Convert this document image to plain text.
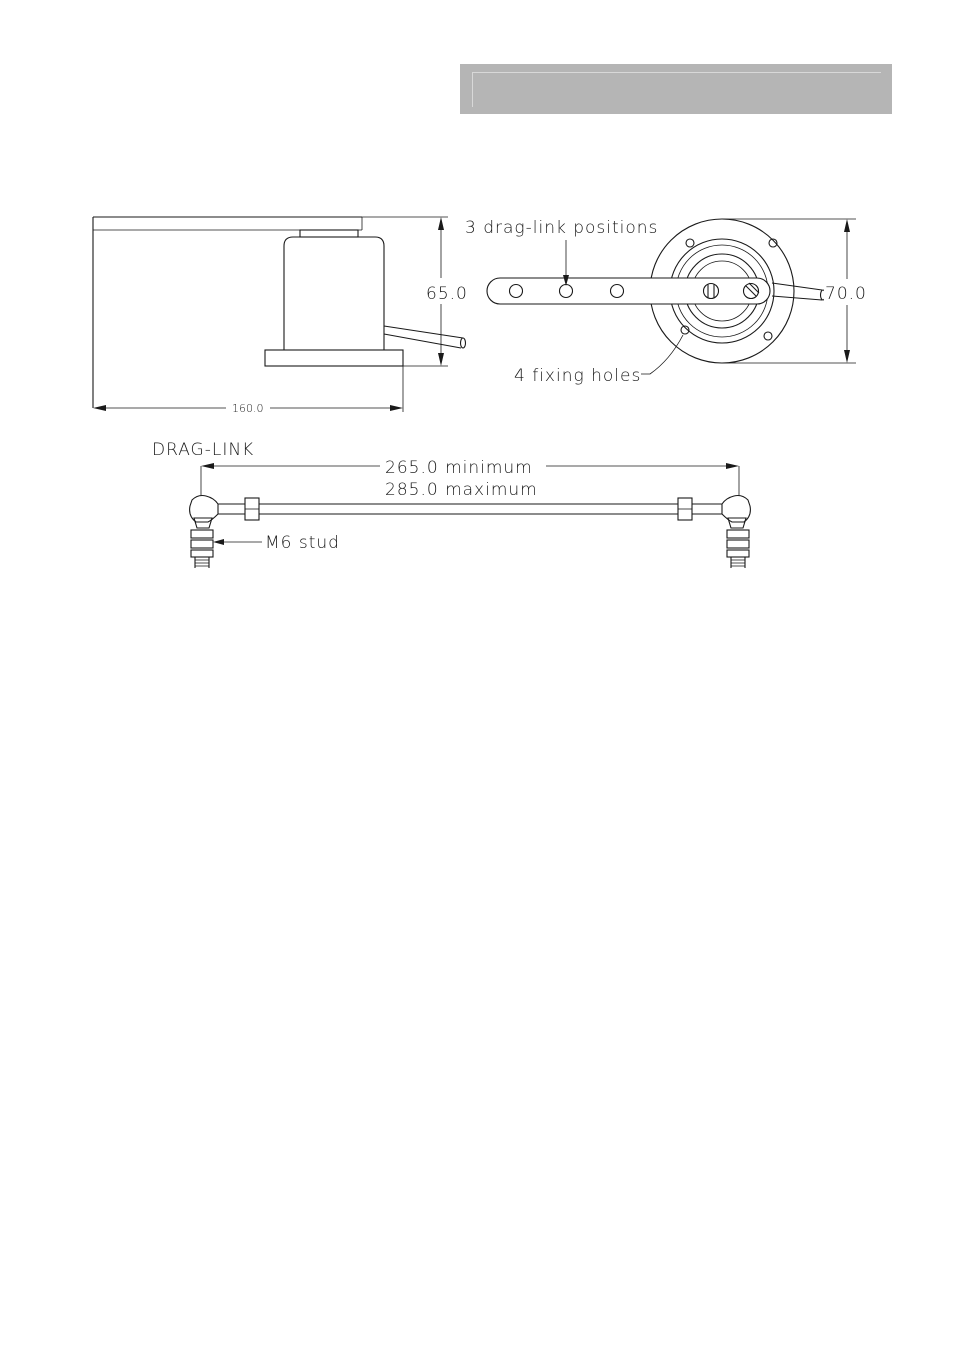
65.0
160.0
3 drag-link positions
4 fixing holes
70.0
DRAG-LINK
265.0 minimum
285.0 maximum
M6 stud
